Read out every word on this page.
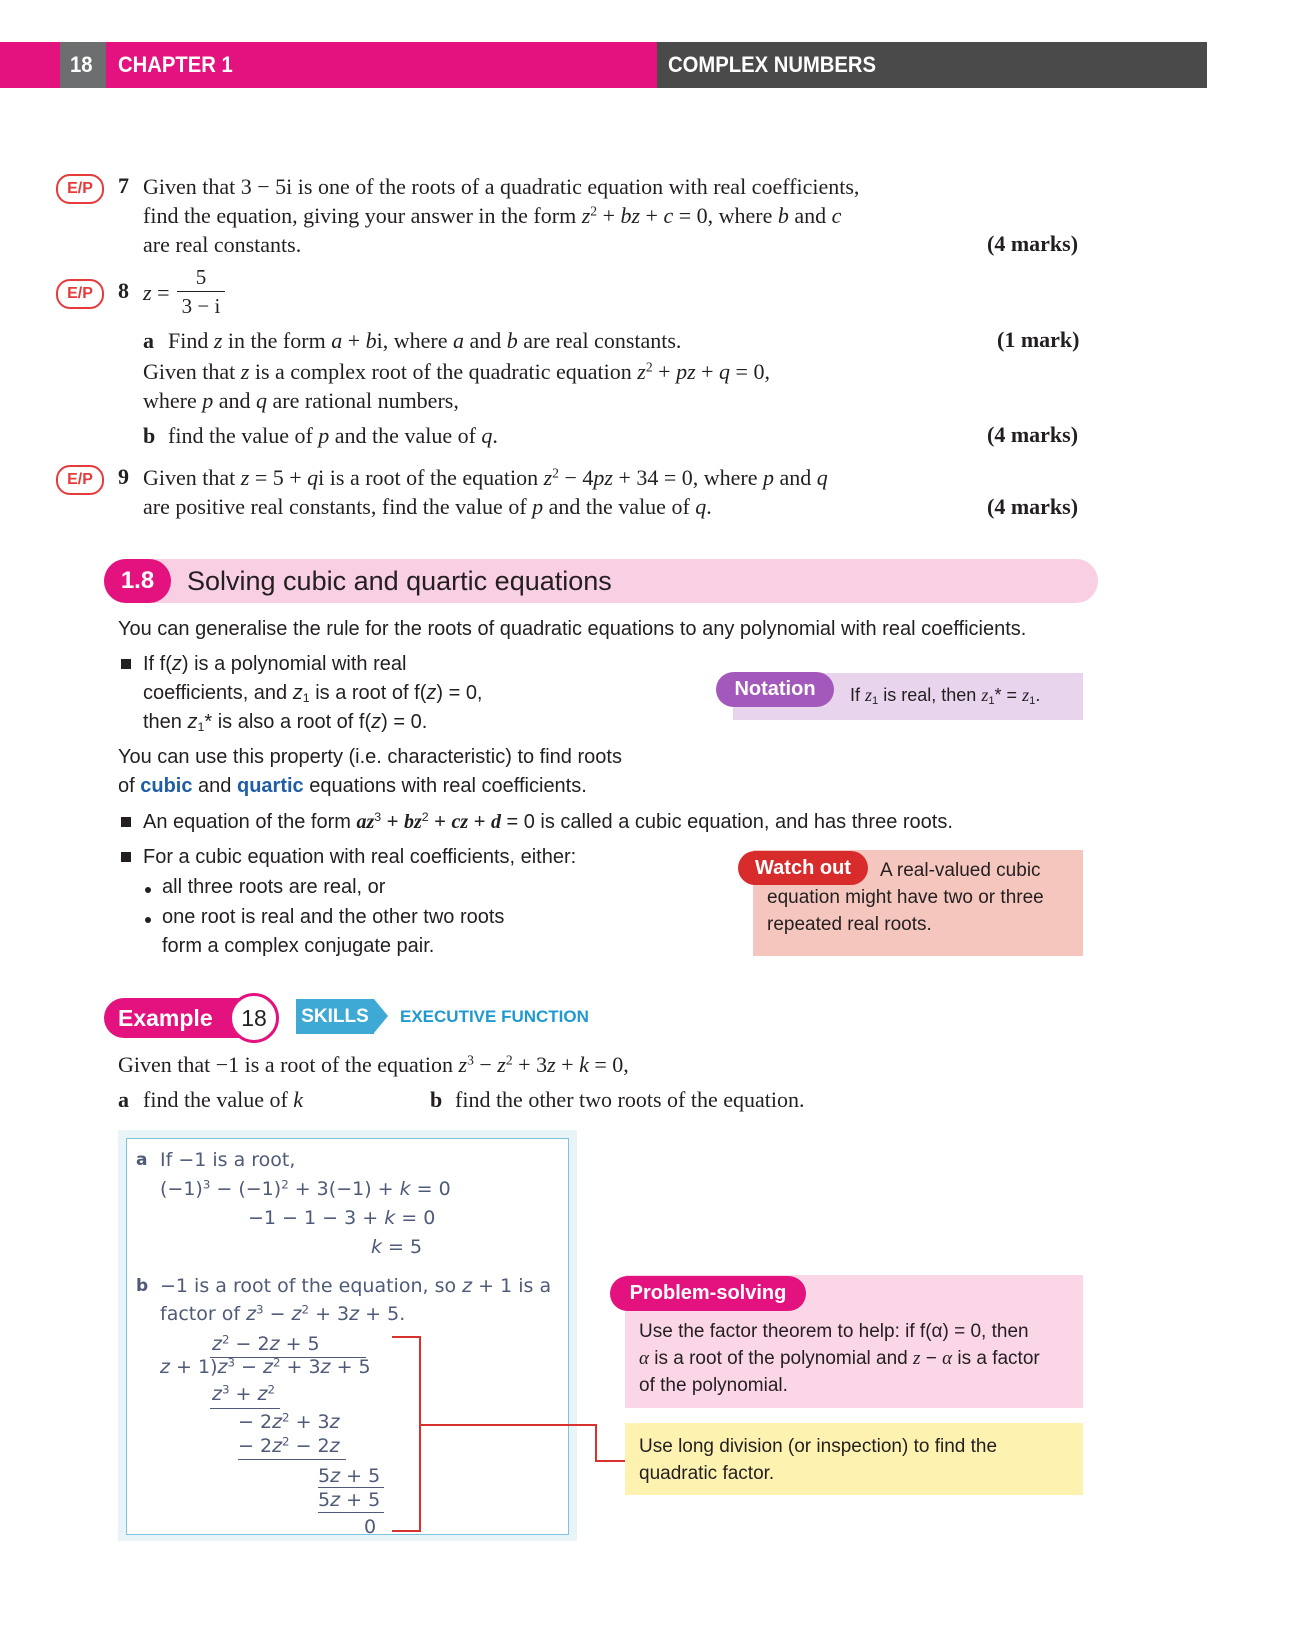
18 CHAPTER 1	COMPLEX NUMBERS
E/P	7 Given that 3 − 5i is one of the roots of a quadratic equation with real coefficients,
find the equation, giving your answer in the form $z^2$ + bz + c = 0, where b and c
are real constants.	(4 marks)
E/P	8 z =
5
3 − i
a Find z in the form a + bi, where a and b are real constants.	(1 mark)
Given that z is a complex root of the quadratic equation $z^2$ + pz + q = 0,
where p and q are rational numbers,
b find the value of p and the value of q.	(4 marks)
E/P	9 Given that z = 5 + qi is a root of the equation $z^2 - 4pz + 34 = 0$, where p and q
are positive real constants, find the value of p and the value of q.	(4 marks)
1.8	Solving cubic and quartic equations
You can generalise the rule for the roots of quadratic equations to any polynomial with real coefficients.
If f(z) is a polynomial with real
coefficients, and $z_1$ is a root of f(z) = 0,
then $z_1*$ is also a root of f(z) = 0.
Notation	If $z_1$ is real, then $z_1* = z_1$.
You can use this property (i.e. characteristic) to find roots
of cubic and quartic equations with real coefficients.
An equation of the form $az^3 + bz^2$ + cz + d = 0 is called a cubic equation, and has three roots.
For a cubic equation with real coefficients, either:
all three roots are real, or
one root is real and the other two roots
form a complex conjugate pair.
Watch out	A real-valued cubic
equation might have two or three
repeated real roots.
Example	18	SKILLS	EXECUTIVE FUNCTION
Given that −1 is a root of the equation $z^3 - z^2 + 3z + k = 0$,
a find the value of k	b find the other two roots of the equation.
a If −1 is a root,
$(-1)^3 - (-1)^2 + 3(-1) + k = 0$
−1 − 1 − 3 + k = 0
k = 5
b −1 is a root of the equation, so z + 1 is a
factor of $z^3 - z^2 + 3z + 5$.
$z^2 - 2z + 5$
$z + 1)z^3 - z^2 + 3z + 5$
$z^3 + z^2$
− $2z^2 + 3z$
− $2z^2 - 2z$
5z + 5
5z + 5
0
Problem-solving
Use the factor theorem to help: if f(α) = 0, then
α is a root of the polynomial and z − α is a factor
of the polynomial.
Use long division (or inspection) to find the
quadratic factor.
